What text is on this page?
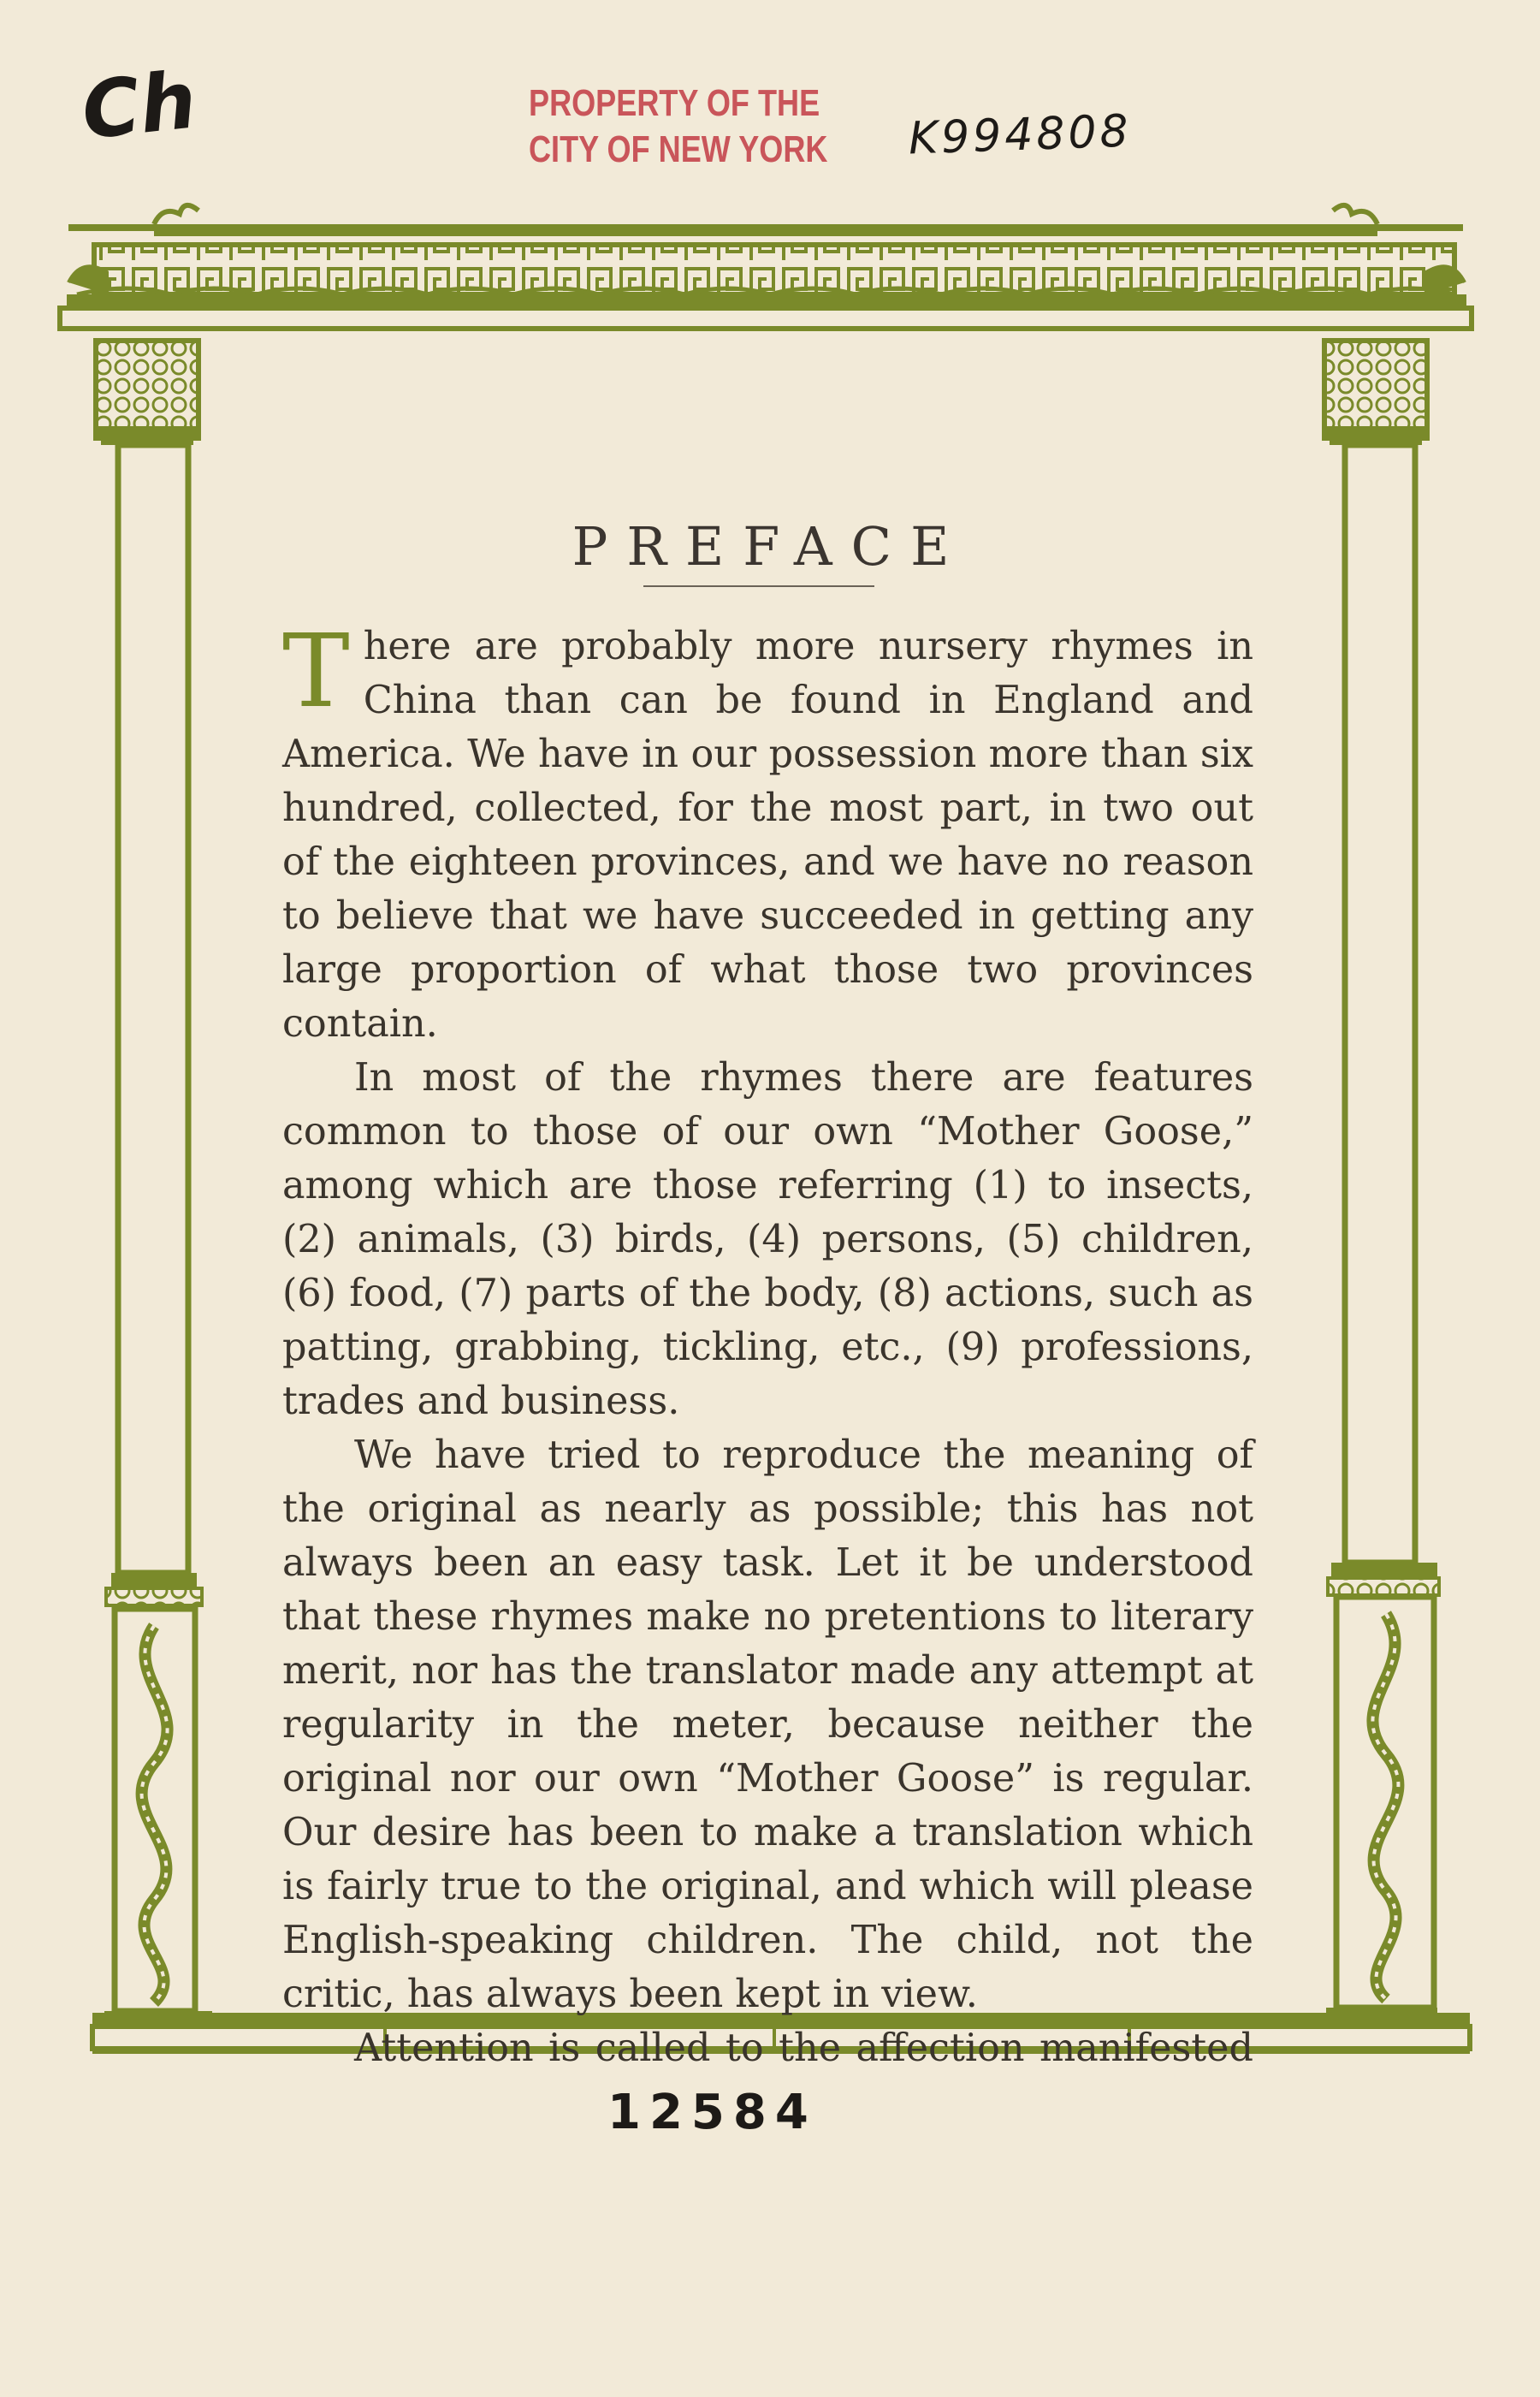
Ch	K994808
12584
PROPERTY OF THE
CITY OF NEW YORK
PREFACE

There are probably more nursery rhymes in China than can be found in England and America. We have in our possession more than six hundred, collected, for the most part, in two out of the eighteen provinces, and we have no reason to believe that we have succeeded in getting any large proportion of what those two provinces contain.

In most of the rhymes there are features common to those of our own “Mother Goose,” among which are those referring (1) to insects, (2) animals, (3) birds, (4) persons, (5) children, (6) food, (7) parts of the body, (8) actions, such as patting, grabbing, tickling, etc., (9) professions, trades and business.

We have tried to reproduce the meaning of the original as nearly as possible; this has not always been an easy task. Let it be understood that these rhymes make no pretentions to literary merit, nor has the translator made any attempt at regularity in the meter, because neither the original nor our own “Mother Goose” is regular. Our desire has been to make a translation which is fairly true to the original, and which will please English-speaking children. The child, not the critic, has always been kept in view.

Attention is called to the affection manifested
